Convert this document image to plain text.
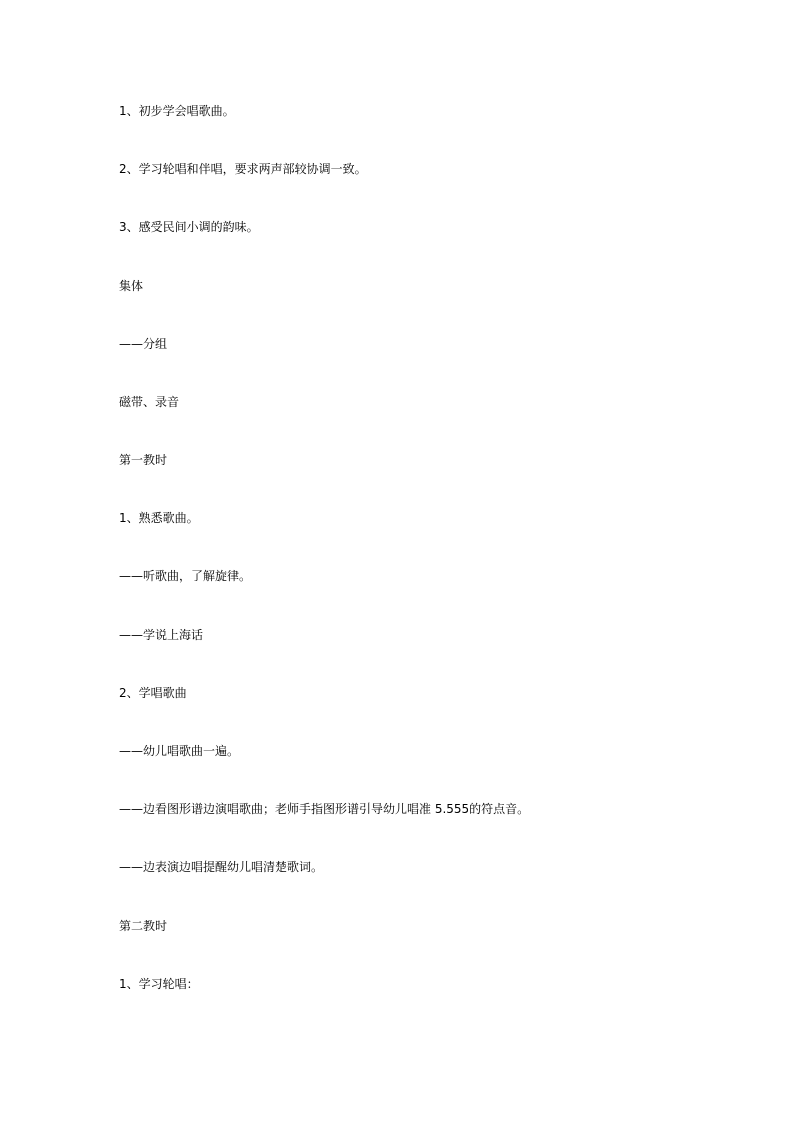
1、初步学会唱歌曲。

2、学习轮唱和伴唱，要求两声部较协调一致。

3、感受民间小调的韵味。

集体

——分组

磁带、录音

第一教时

1、熟悉歌曲。

——听歌曲，了解旋律。

——学说上海话

2、学唱歌曲

——幼儿唱歌曲一遍。

——边看图形谱边演唱歌曲；老师手指图形谱引导幼儿唱准 5.555的符点音。

——边表演边唱提醒幼儿唱清楚歌词。

第二教时

1、学习轮唱：
